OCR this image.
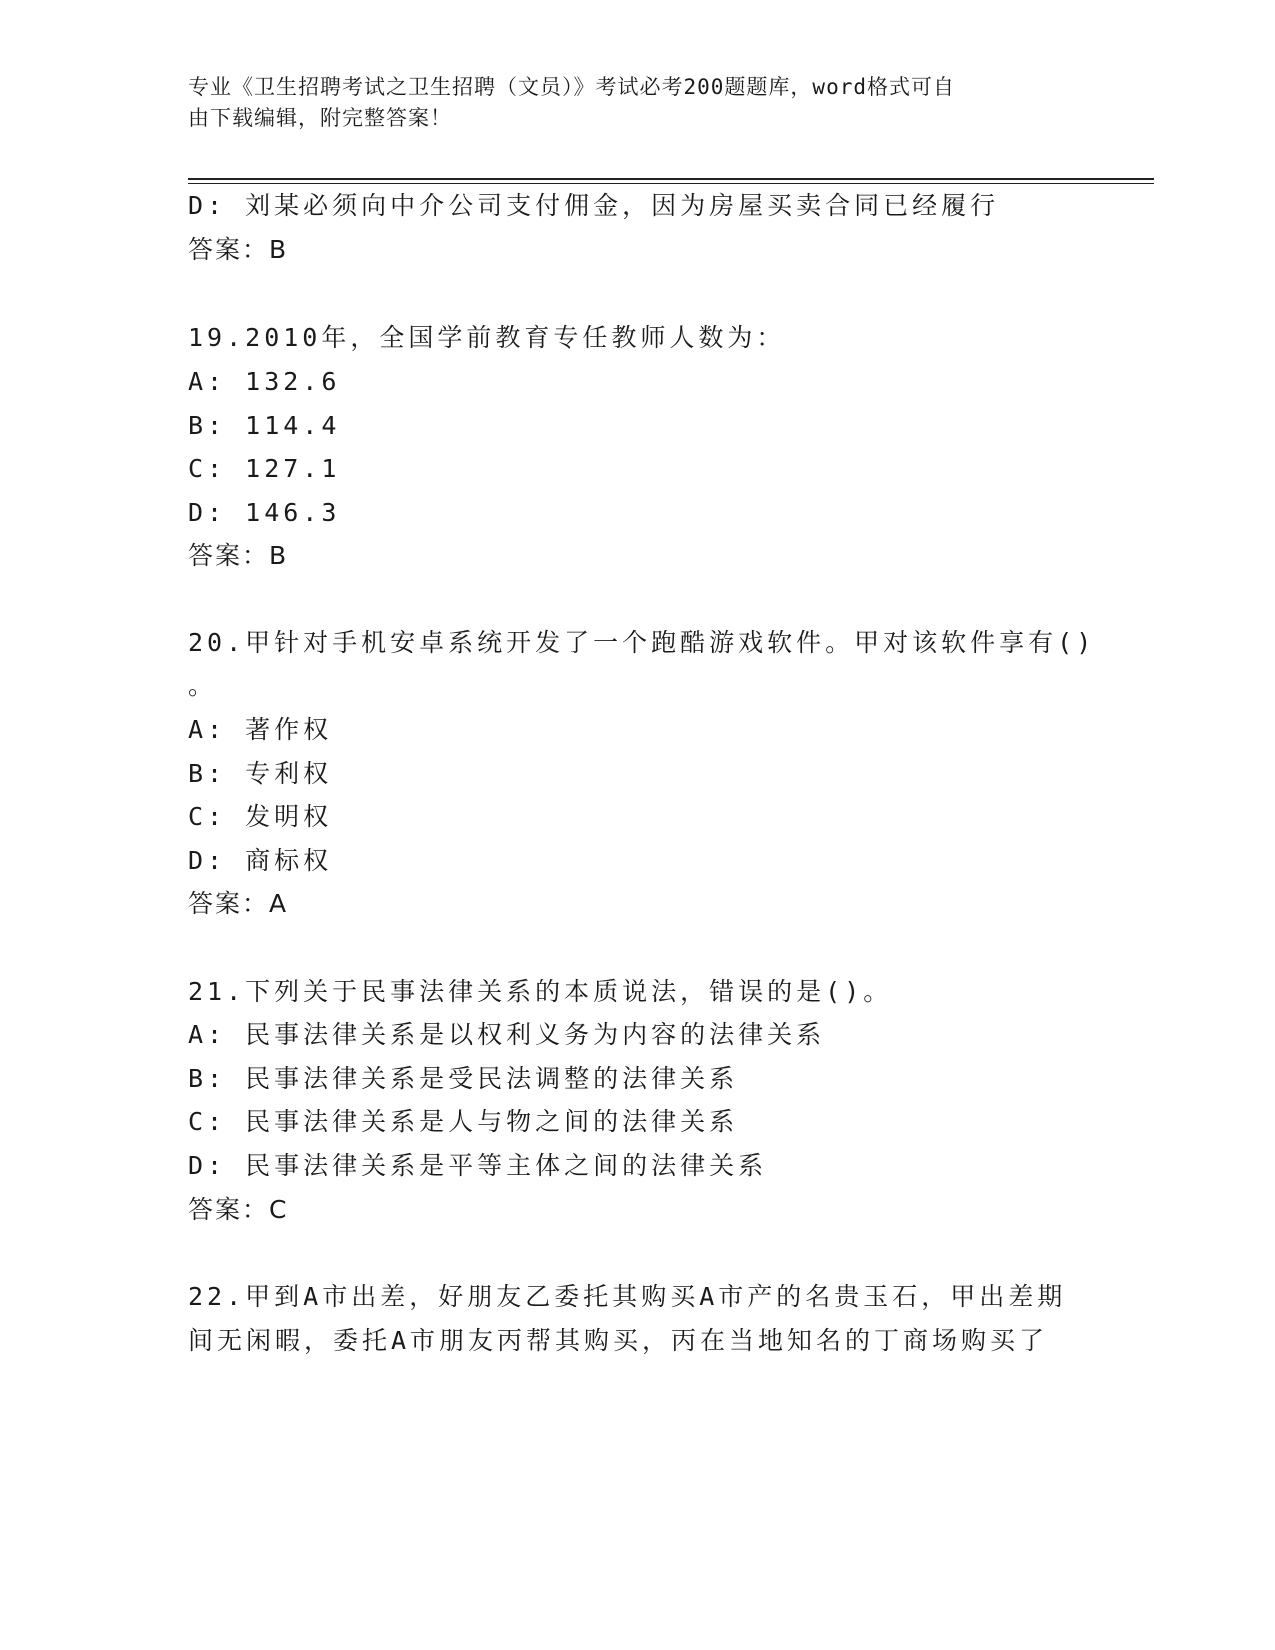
专业《卫生招聘考试之卫生招聘（文员）》考试必考200题题库，word格式可自
由下载编辑，附完整答案！
D: 刘某必须向中介公司支付佣金，因为房屋买卖合同已经履行
答案：B
19.2010年，全国学前教育专任教师人数为：
A: 132.6
B: 114.4
C: 127.1
D: 146.3
答案：B
20.甲针对手机安卓系统开发了一个跑酷游戏软件。甲对该软件享有()
。
A: 著作权
B: 专利权
C: 发明权
D: 商标权
答案：A
21.下列关于民事法律关系的本质说法，错误的是()。
A: 民事法律关系是以权利义务为内容的法律关系
B: 民事法律关系是受民法调整的法律关系
C: 民事法律关系是人与物之间的法律关系
D: 民事法律关系是平等主体之间的法律关系
答案：C
22.甲到A市出差，好朋友乙委托其购买A市产的名贵玉石，甲出差期
间无闲暇，委托A市朋友丙帮其购买，丙在当地知名的丁商场购买了
